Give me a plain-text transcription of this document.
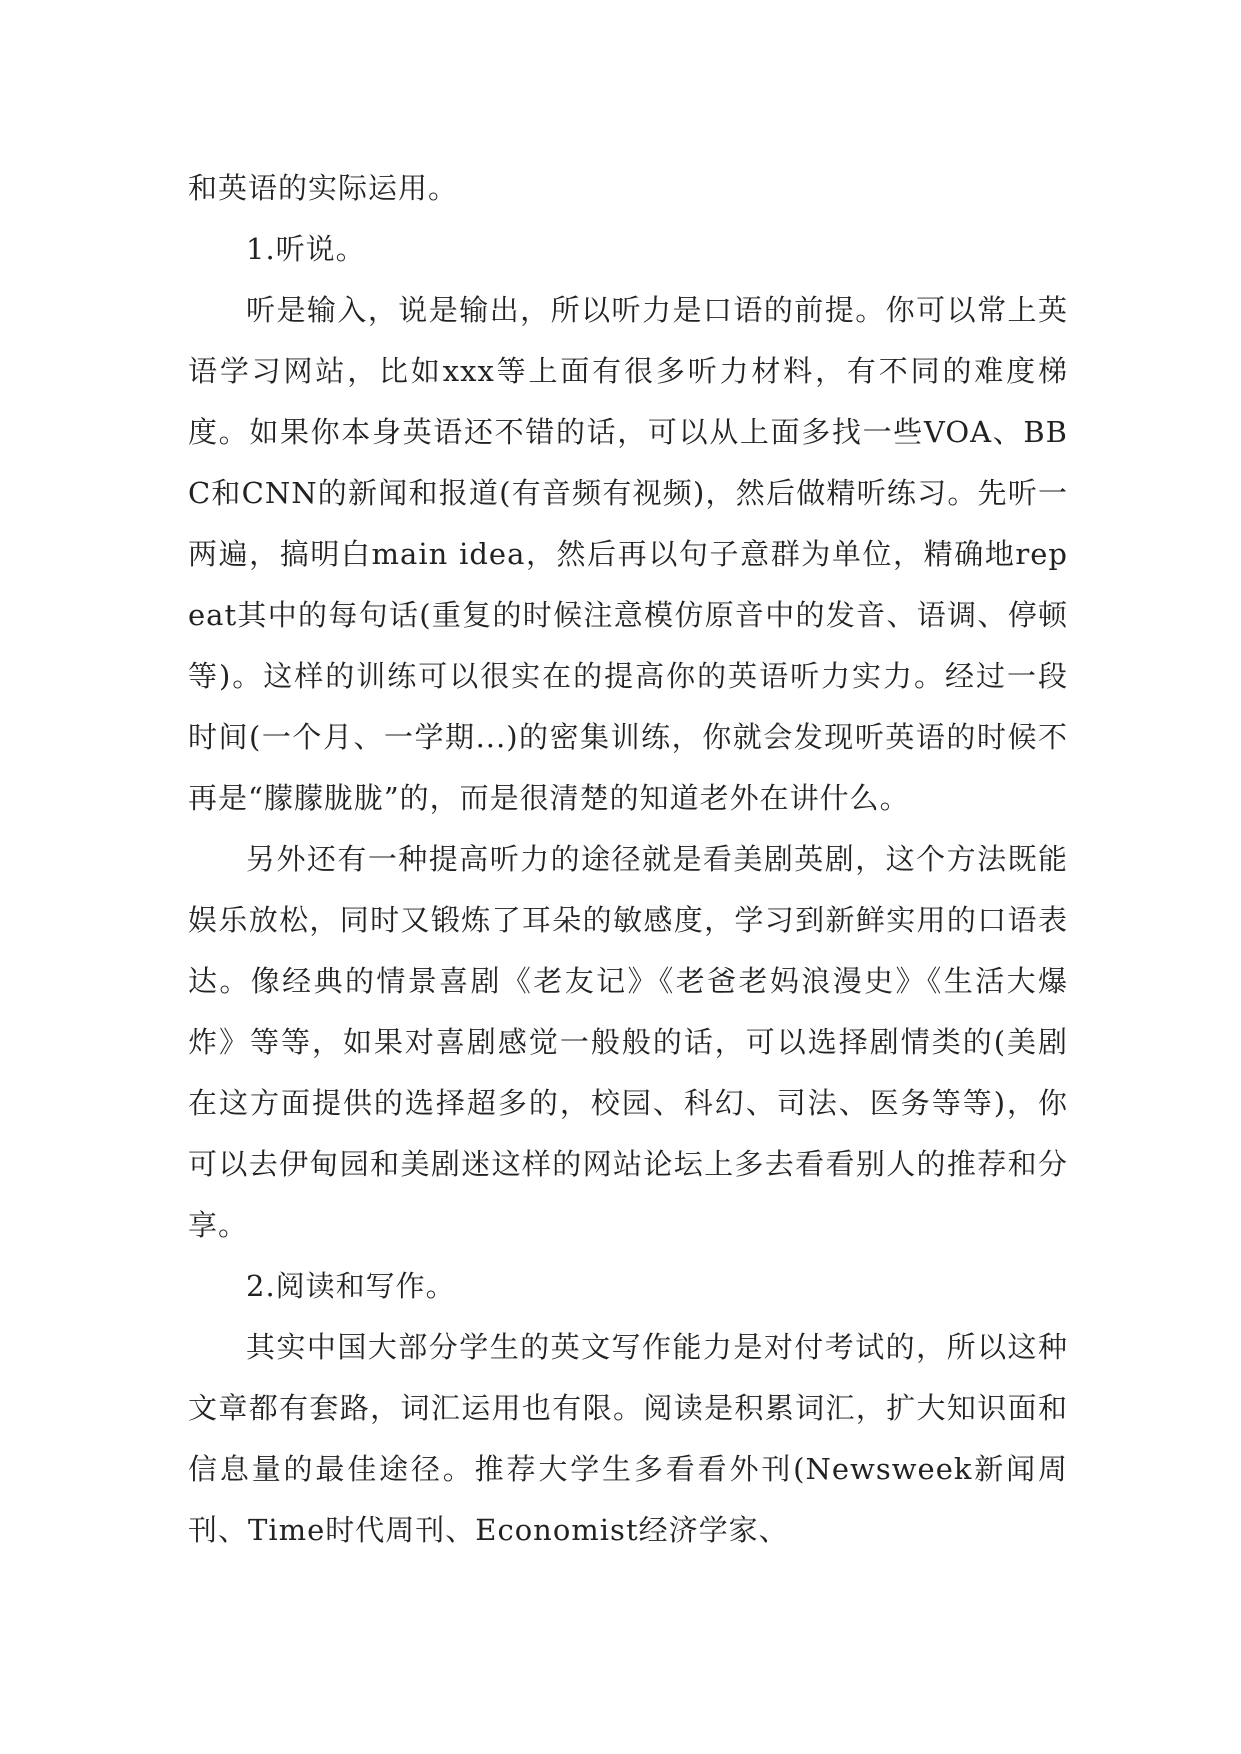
和英语的实际运用。

1.听说。

听是输入，说是输出，所以听力是口语的前提。你可以常上英语学习网站，比如xxx等上面有很多听力材料，有不同的难度梯度。如果你本身英语还不错的话，可以从上面多找一些VOA、BBC和CNN的新闻和报道(有音频有视频)，然后做精听练习。先听一两遍，搞明白main idea，然后再以句子意群为单位，精确地repeat其中的每句话(重复的时候注意模仿原音中的发音、语调、停顿等)。这样的训练可以很实在的提高你的英语听力实力。经过一段时间(一个月、一学期...)的密集训练，你就会发现听英语的时候不再是“朦朦胧胧”的，而是很清楚的知道老外在讲什么。

另外还有一种提高听力的途径就是看美剧英剧，这个方法既能娱乐放松，同时又锻炼了耳朵的敏感度，学习到新鲜实用的口语表达。像经典的情景喜剧《老友记》《老爸老妈浪漫史》《生活大爆炸》等等，如果对喜剧感觉一般般的话，可以选择剧情类的(美剧在这方面提供的选择超多的，校园、科幻、司法、医务等等)，你可以去伊甸园和美剧迷这样的网站论坛上多去看看别人的推荐和分享。

2.阅读和写作。

其实中国大部分学生的英文写作能力是对付考试的，所以这种文章都有套路，词汇运用也有限。阅读是积累词汇，扩大知识面和信息量的最佳途径。推荐大学生多看看外刊(Newsweek新闻周刊、Time时代周刊、Economist经济学家、
